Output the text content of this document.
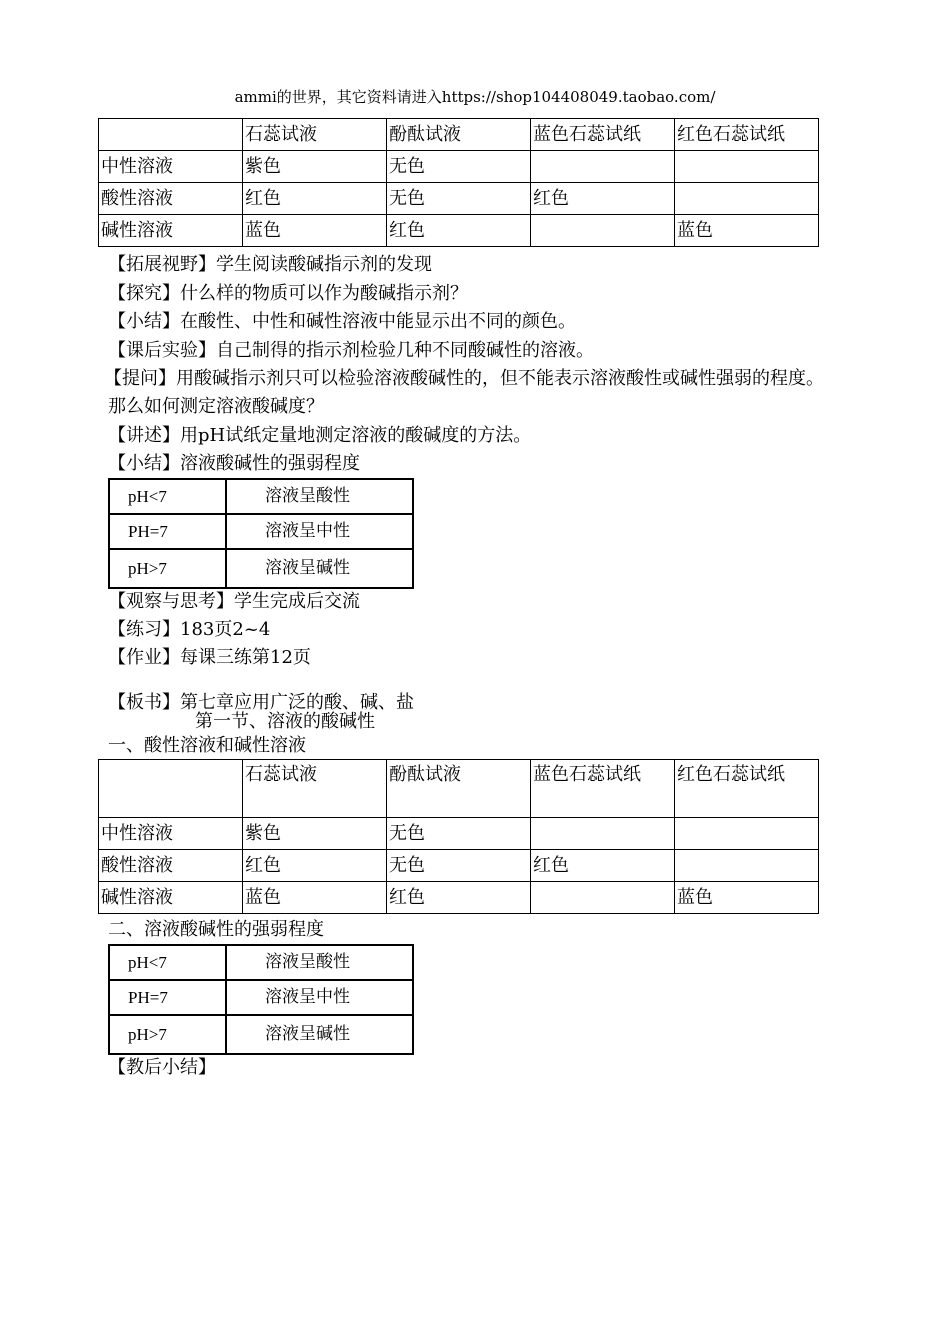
ammi的世界，其它资料请进入https://shop104408049.taobao.com/
	石蕊试液	酚酞试液	蓝色石蕊试纸	红色石蕊试纸
中性溶液	紫色	无色		
酸性溶液	红色	无色	红色	
碱性溶液	蓝色	红色		蓝色
【拓展视野】学生阅读酸碱指示剂的发现
【探究】什么样的物质可以作为酸碱指示剂？
【小结】在酸性、中性和碱性溶液中能显示出不同的颜色。
【课后实验】自己制得的指示剂检验几种不同酸碱性的溶液。
【提问】用酸碱指示剂只可以检验溶液酸碱性的，但不能表示溶液酸性或碱性强弱的程度。
那么如何测定溶液酸碱度？
【讲述】用pH试纸定量地测定溶液的酸碱度的方法。
【小结】溶液酸碱性的强弱程度
pH<7	溶液呈酸性
PH=7	溶液呈中性
pH>7	溶液呈碱性
【观察与思考】学生完成后交流
【练习】183页2~4
【作业】每课三练第12页
【板书】第七章应用广泛的酸、碱、盐
第一节、溶液的酸碱性
一、酸性溶液和碱性溶液
	石蕊试液	酚酞试液	蓝色石蕊试纸	红色石蕊试纸
中性溶液	紫色	无色		
酸性溶液	红色	无色	红色	
碱性溶液	蓝色	红色		蓝色
二、溶液酸碱性的强弱程度
pH<7	溶液呈酸性
PH=7	溶液呈中性
pH>7	溶液呈碱性
【教后小结】
